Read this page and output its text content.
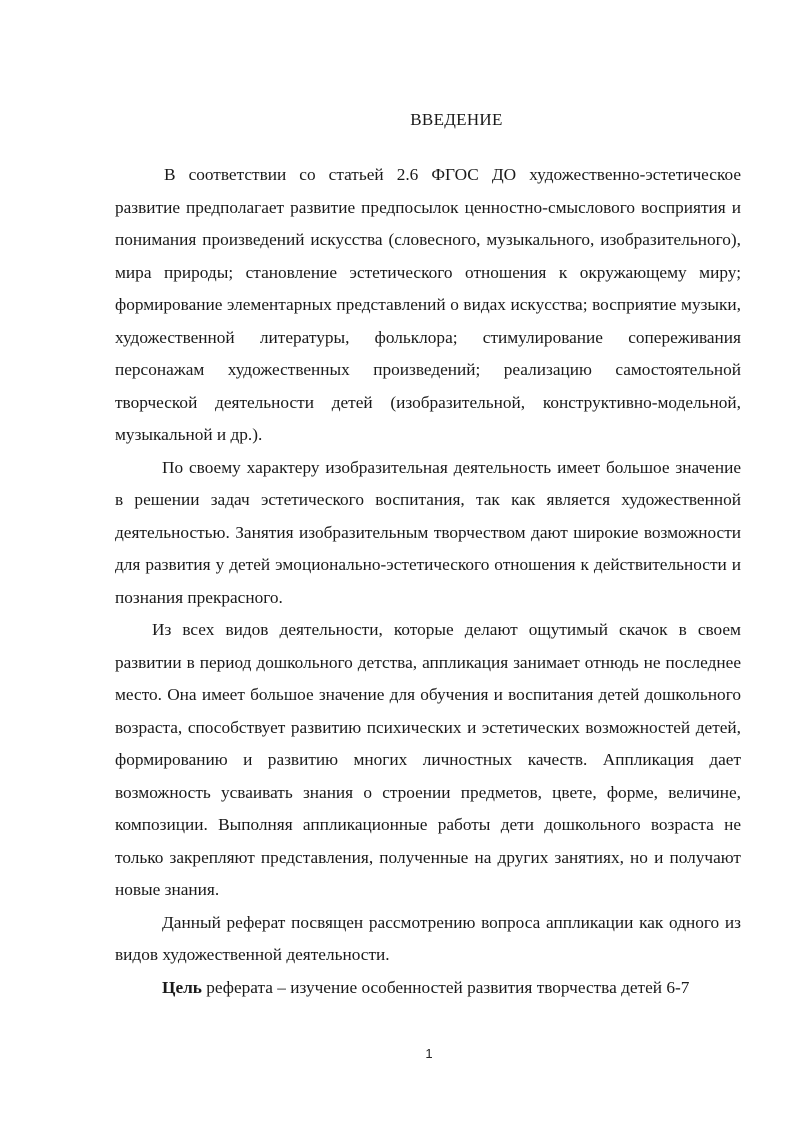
ВВЕДЕНИЕ

В соответствии со статьей 2.6 ФГОС ДО художественно-эстетическое развитие предполагает развитие предпосылок ценностно-смыслового восприятия и понимания произведений искусства (словесного, музыкального, изобразительного), мира природы; становление эстетического отношения к окружающему миру; формирование элементарных представлений о видах искусства; восприятие музыки, художественной литературы, фольклора; стимулирование сопереживания персонажам художественных произведений; реализацию самостоятельной творческой деятельности детей (изобразительной, конструктивно-модельной, музыкальной и др.).

По своему характеру изобразительная деятельность имеет большое значение в решении задач эстетического воспитания, так как является художественной деятельностью. Занятия изобразительным творчеством дают широкие возможности для развития у детей эмоционально-эстетического отношения к действительности и познания прекрасного.

Из всех видов деятельности, которые делают ощутимый скачок в своем развитии в период дошкольного детства, аппликация занимает отнюдь не последнее место. Она имеет большое значение для обучения и воспитания детей дошкольного возраста, способствует развитию психических и эстетических возможностей детей, формированию и развитию многих личностных качеств. Аппликация дает возможность усваивать знания о строении предметов, цвете, форме, величине, композиции. Выполняя аппликационные работы дети дошкольного возраста не только закрепляют представления, полученные на других занятиях, но и получают новые знания.

Данный реферат посвящен рассмотрению вопроса аппликации как одного из видов художественной деятельности.

Цель реферата – изучение особенностей развития творчества детей 6-7

1
